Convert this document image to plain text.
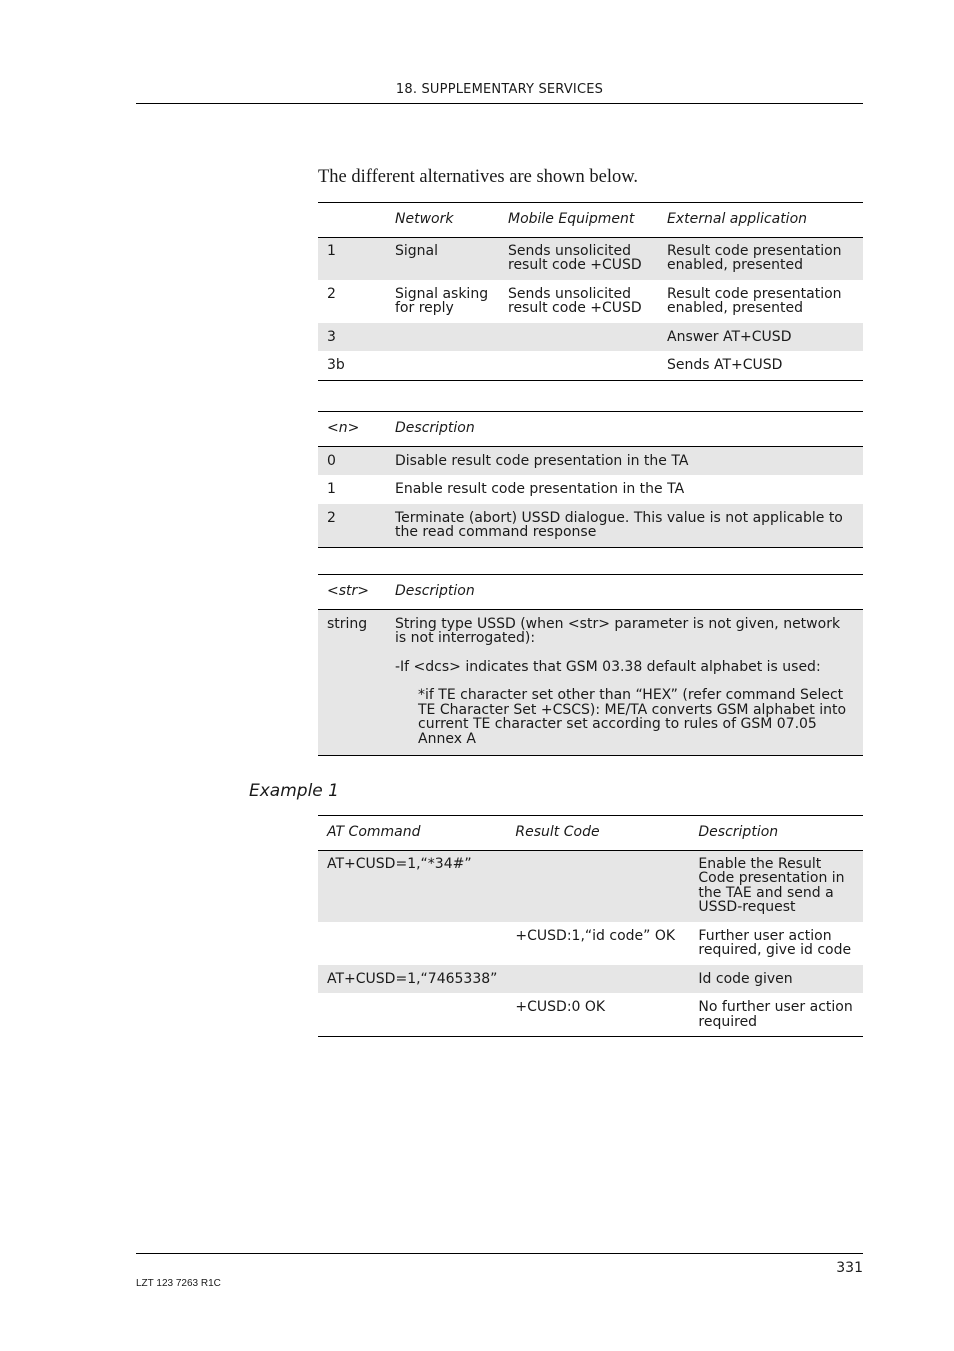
18. SUPPLEMENTARY SERVICES
The different alternatives are shown below.
	Network	Mobile Equipment	External application
1	Signal	Sends unsolicited result code +CUSD	Result code presentation enabled, presented
2	Signal asking for reply	Sends unsolicited result code +CUSD	Result code presentation enabled, presented
3			Answer AT+CUSD
3b			Sends AT+CUSD
<n>	Description
0	Disable result code presentation in the TA
1	Enable result code presentation in the TA
2	Terminate (abort) USSD dialogue. This value is not applicable to the read command response
<str>	Description
string	String type USSD (when <str> parameter is not given, network is not interrogated):

-If <dcs> indicates that GSM 03.38 default alphabet is used:

*if TE character set other than “HEX” (refer command Select TE Character Set +CSCS): ME/TA converts GSM alphabet into current TE character set according to rules of GSM 07.05 Annex A

Example 1
AT Command	Result Code	Description
AT+CUSD=1,“*34#”		Enable the Result Code presentation in the TAE and send a USSD-request
	+CUSD:1,“id code” OK	Further user action required, give id code
AT+CUSD=1,“7465338”		Id code given
	+CUSD:0 OK	No further user action required
331
LZT 123 7263 R1C
